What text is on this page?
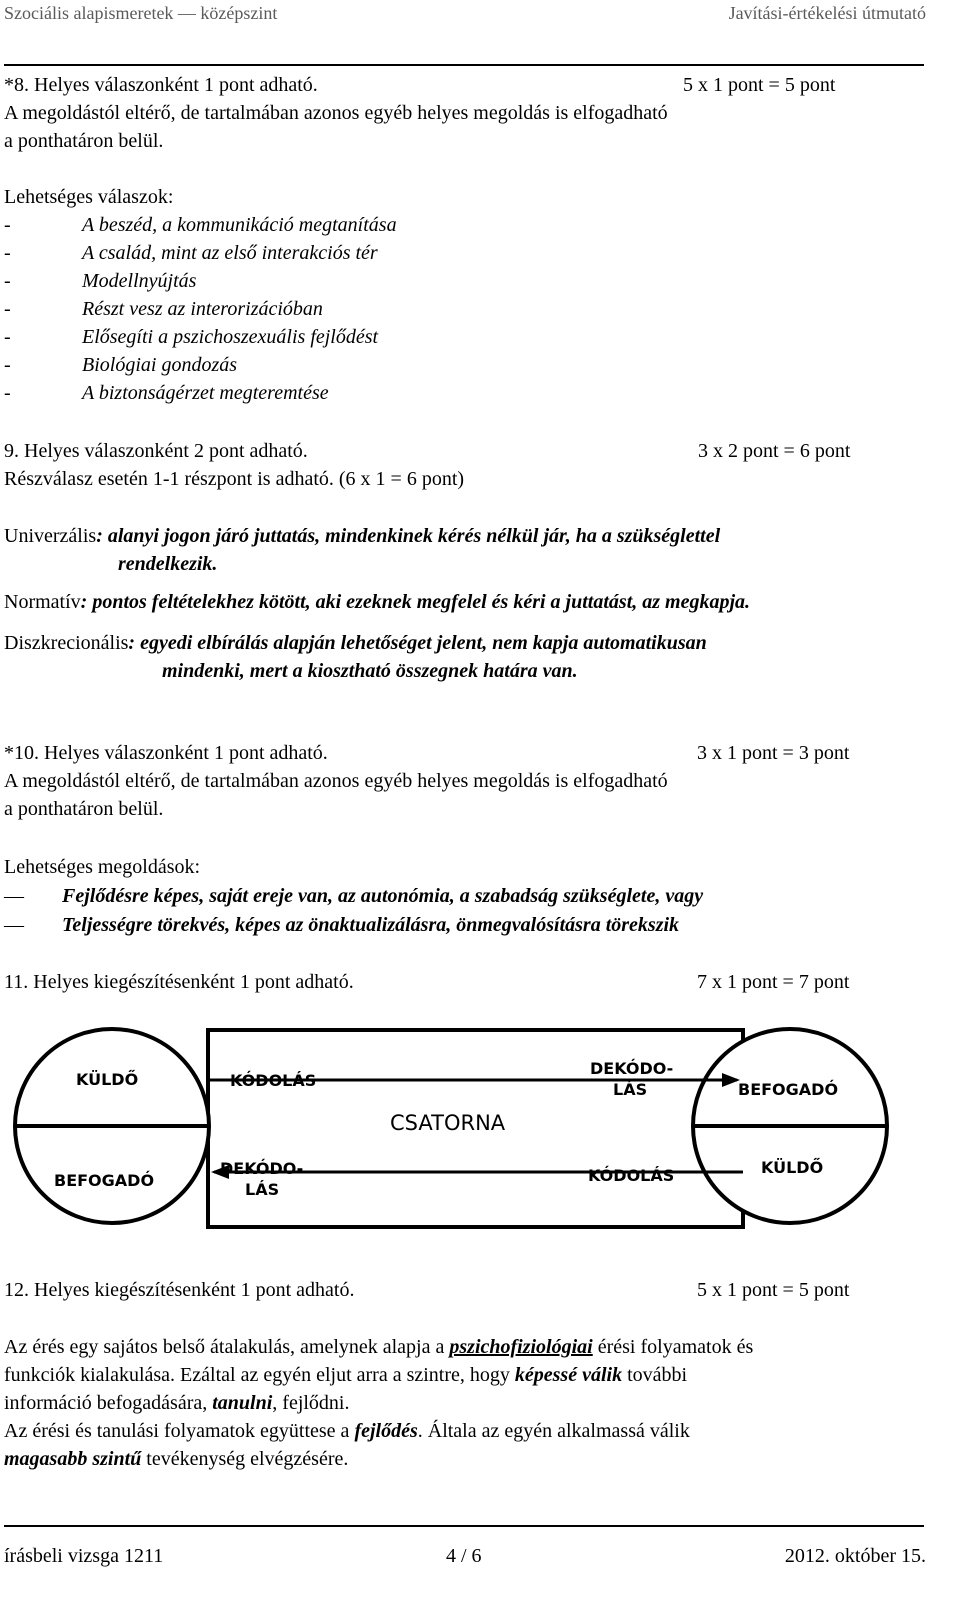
Szociális alapismeretek — középszint	Javítási-értékelési útmutató
*8. Helyes válaszonként 1 pont adható.	5 x 1 pont = 5 pont
A megoldástól eltérő, de tartalmában azonos egyéb helyes megoldás is elfogadható
a ponthatáron belül.
Lehetséges válaszok:
-	A beszéd, a kommunikáció megtanítása
-	A család, mint az első interakciós tér
-	Modellnyújtás
-	Részt vesz az interorizációban
-	Elősegíti a pszichoszexuális fejlődést
-	Biológiai gondozás
-	A biztonságérzet megteremtése
9. Helyes válaszonként 2 pont adható.	3 x 2 pont = 6 pont
Részválasz esetén 1-1 részpont is adható. (6 x 1 = 6 pont)
Univerzális: alanyi jogon járó juttatás, mindenkinek kérés nélkül jár, ha a szükséglettel
rendelkezik.
Normatív: pontos feltételekhez kötött, aki ezeknek megfelel és kéri a juttatást, az megkapja.
Diszkrecionális: egyedi elbírálás alapján lehetőséget jelent, nem kapja automatikusan
mindenki, mert a kiosztható összegnek határa van.
*10. Helyes válaszonként 1 pont adható.	3 x 1 pont = 3 pont
A megoldástól eltérő, de tartalmában azonos egyéb helyes megoldás is elfogadható
a ponthatáron belül.
Lehetséges megoldások:
— Fejlődésre képes, saját ereje van, az autonómia, a szabadság szükséglete, vagy
— Teljességre törekvés, képes az önaktualizálásra, önmegvalósításra törekszik
11. Helyes kiegészítésenként 1 pont adható.	7 x 1 pont = 7 pont
KÜLDŐ
BEFOGADÓ
BEFOGADÓ
KÜLDŐ
KÓDOLÁS
DEKÓDO-
LÁS
CSATORNA
DEKÓDO-
LÁS
KÓDOLÁS
12. Helyes kiegészítésenként 1 pont adható.	5 x 1 pont = 5 pont
Az érés egy sajátos belső átalakulás, amelynek alapja a pszichofiziológiai érési folyamatok és
funkciók kialakulása. Ezáltal az egyén eljut arra a szintre, hogy képessé válik további
információ befogadására, tanulni, fejlődni.
Az érési és tanulási folyamatok együttese a fejlődés. Általa az egyén alkalmassá válik
magasabb szintű tevékenység elvégzésére.
írásbeli vizsga 1211	4 / 6	2012. október 15.
